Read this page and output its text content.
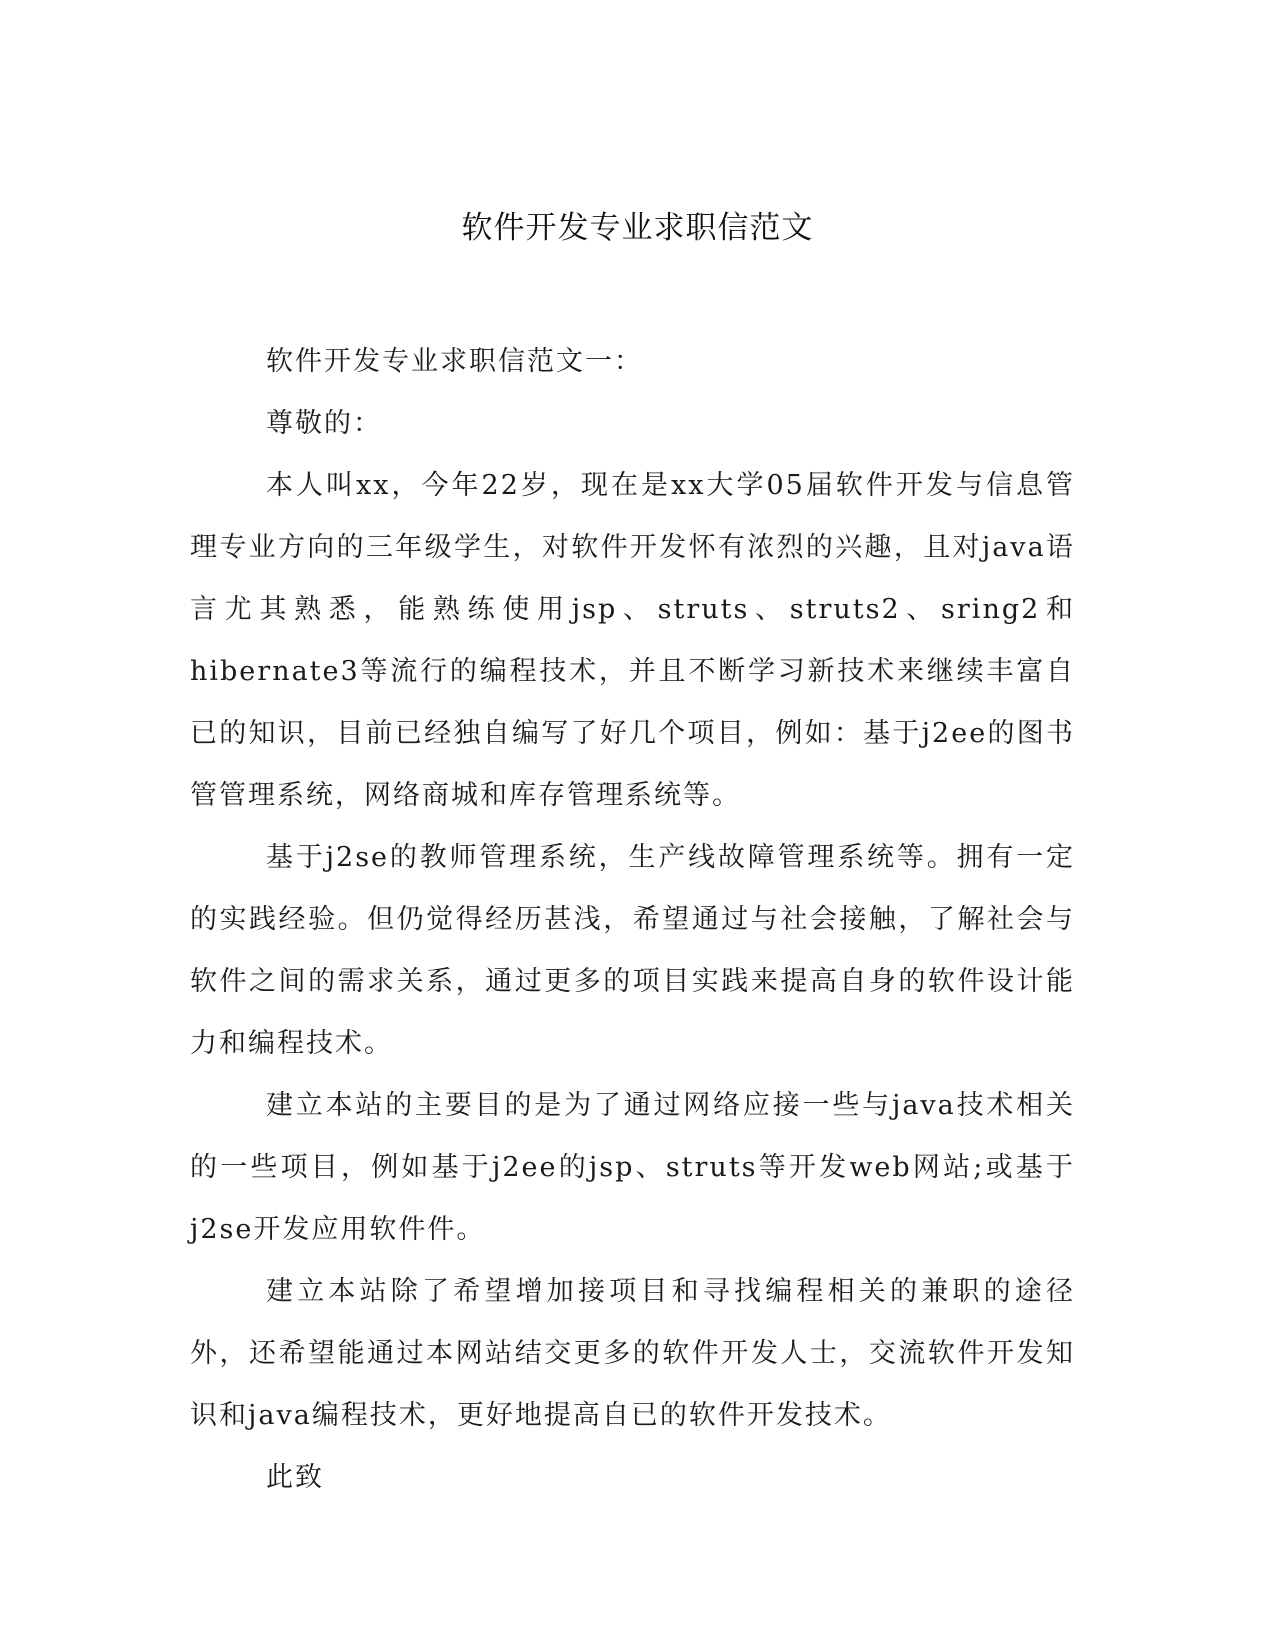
软件开发专业求职信范文

软件开发专业求职信范文一：

尊敬的：

本人叫xx，今年22岁，现在是xx大学05届软件开发与信息管理专业方向的三年级学生，对软件开发怀有浓烈的兴趣，且对java语言尤其熟悉，能熟练使用jsp、struts、struts2、sring2和hibernate3等流行的编程技术，并且不断学习新技术来继续丰富自已的知识，目前已经独自编写了好几个项目，例如：基于j2ee的图书管管理系统，网络商城和库存管理系统等。

基于j2se的教师管理系统，生产线故障管理系统等。拥有一定的实践经验。但仍觉得经历甚浅，希望通过与社会接触，了解社会与软件之间的需求关系，通过更多的项目实践来提高自身的软件设计能力和编程技术。

建立本站的主要目的是为了通过网络应接一些与java技术相关的一些项目，例如基于j2ee的jsp、struts等开发web网站;或基于j2se开发应用软件件。

建立本站除了希望增加接项目和寻找编程相关的兼职的途径外，还希望能通过本网站结交更多的软件开发人士，交流软件开发知识和java编程技术，更好地提高自已的软件开发技术。

此致
